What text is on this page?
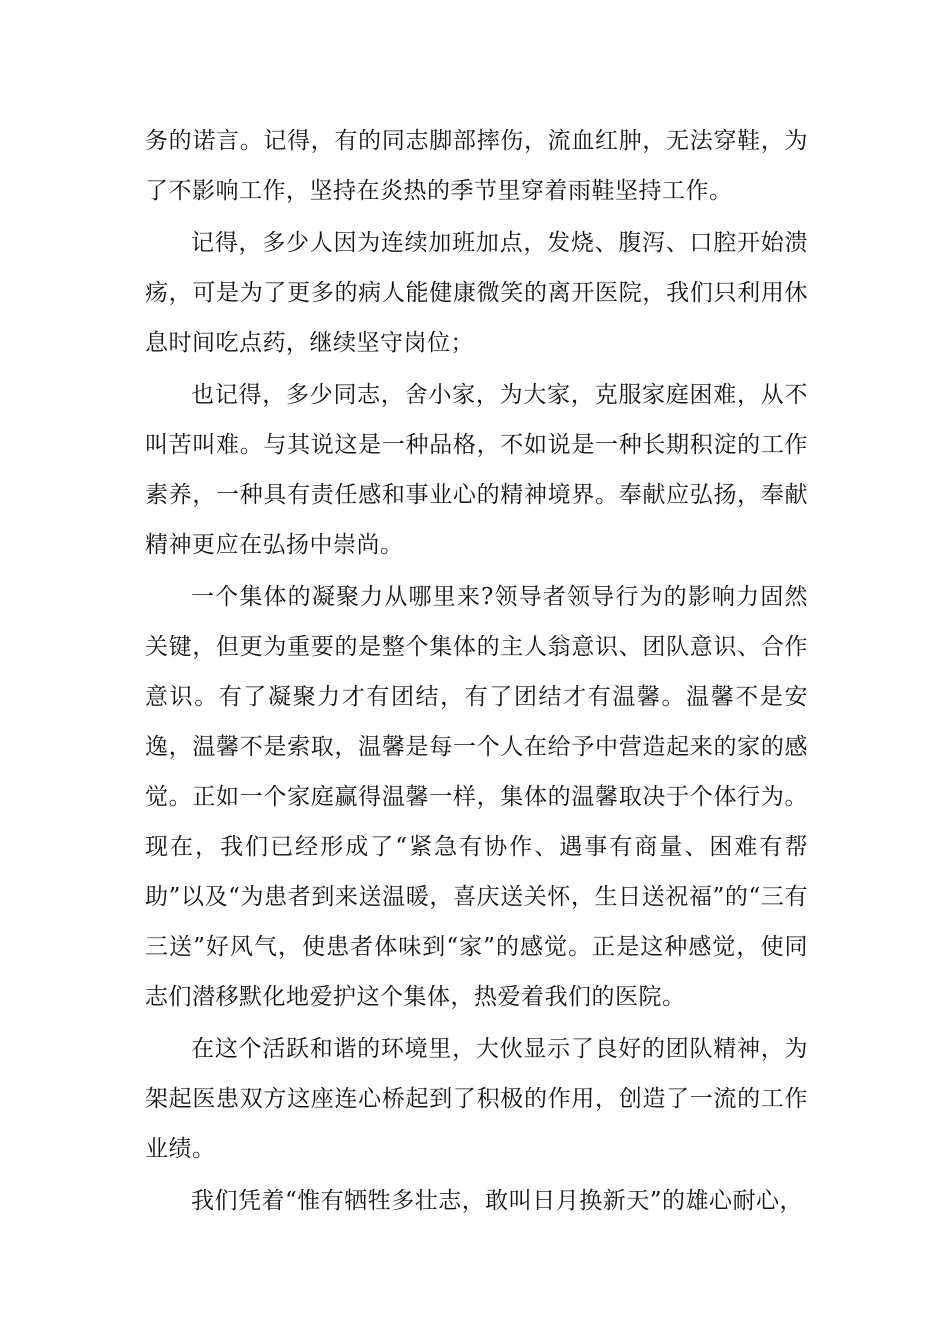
务的诺言。记得，有的同志脚部摔伤，流血红肿，无法穿鞋，为了不影响工作，坚持在炎热的季节里穿着雨鞋坚持工作。

记得，多少人因为连续加班加点，发烧、腹泻、口腔开始溃疡，可是为了更多的病人能健康微笑的离开医院，我们只利用休息时间吃点药，继续坚守岗位；

也记得，多少同志，舍小家，为大家，克服家庭困难，从不叫苦叫难。与其说这是一种品格，不如说是一种长期积淀的工作素养，一种具有责任感和事业心的精神境界。奉献应弘扬，奉献精神更应在弘扬中崇尚。

一个集体的凝聚力从哪里来?领导者领导行为的影响力固然关键，但更为重要的是整个集体的主人翁意识、团队意识、合作意识。有了凝聚力才有团结，有了团结才有温馨。温馨不是安逸，温馨不是索取，温馨是每一个人在给予中营造起来的家的感觉。正如一个家庭赢得温馨一样，集体的温馨取决于个体行为。现在，我们已经形成了“紧急有协作、遇事有商量、困难有帮助”以及“为患者到来送温暖，喜庆送关怀，生日送祝福”的“三有三送”好风气，使患者体味到“家”的感觉。正是这种感觉，使同志们潜移默化地爱护这个集体，热爱着我们的医院。

在这个活跃和谐的环境里，大伙显示了良好的团队精神，为架起医患双方这座连心桥起到了积极的作用，创造了一流的工作业绩。

我们凭着“惟有牺牲多壮志，敢叫日月换新天”的雄心耐心，
